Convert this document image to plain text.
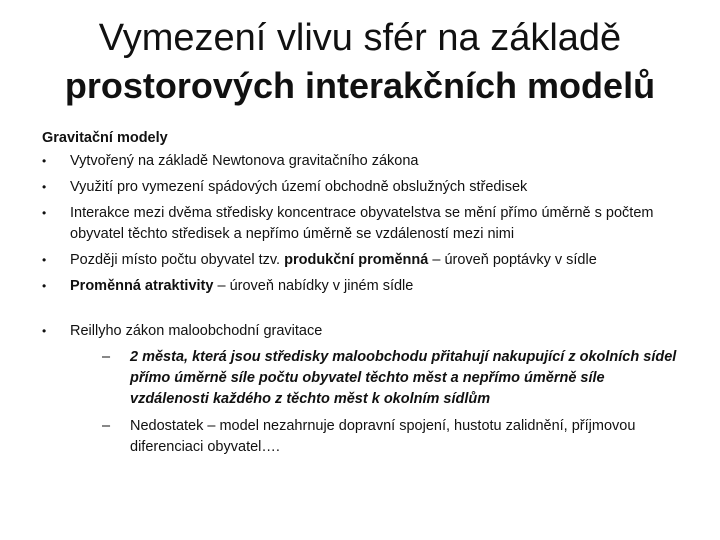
Vymezení vlivu sfér na základě
prostorových interakčních modelů
Gravitační modely
•	Vytvořený na základě Newtonova gravitačního zákona
•	Využití pro vymezení spádových území obchodně obslužných středisek
•	Interakce mezi dvěma středisky koncentrace obyvatelstva se mění přímo úměrně s počtem obyvatel těchto středisek a nepřímo úměrně se vzdáleností mezi nimi
•	Později místo počtu obyvatel tzv. produkční proměnná – úroveň poptávky v sídle
•	Proměnná atraktivity – úroveň nabídky v jiném sídle
•	Reillyho zákon maloobchodní gravitace
– 2 města, která jsou středisky maloobchodu přitahují nakupující z okolních sídel přímo úměrně síle počtu obyvatel těchto měst a nepřímo úměrně síle vzdálenosti každého z těchto měst k okolním sídlům
– Nedostatek – model nezahrnuje dopravní spojení, hustotu zalidnění, příjmovou diferenciaci obyvatel….
